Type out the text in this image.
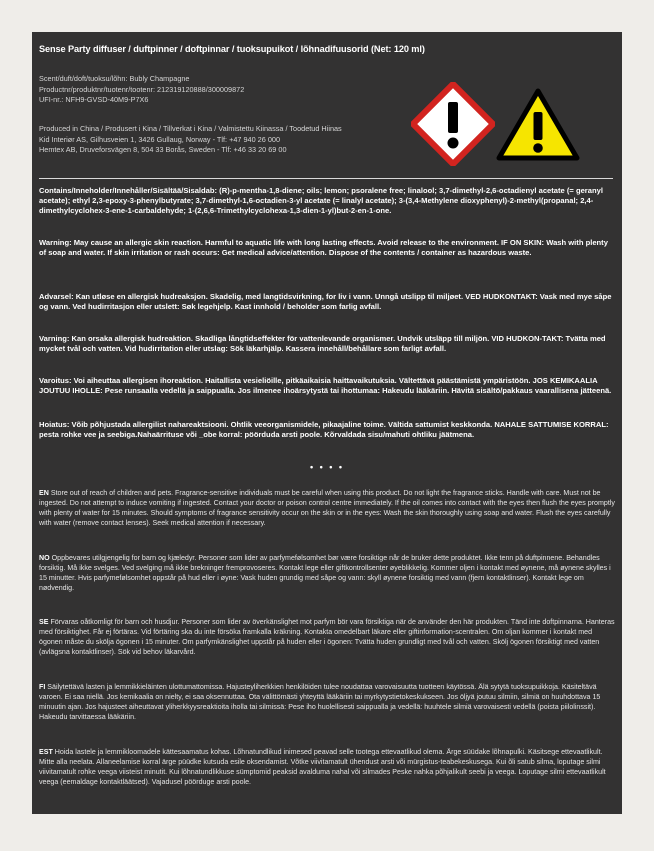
Sense Party diffuser / duftpinner / doftpinnar / tuoksupuikot / lõhnadifuusorid (Net: 120 ml)
Scent/duft/doft/tuoksu/lõhn: Bubly Champagne
Productnr/produktnr/tuotenr/tootenr: 212319120888/300009872
UFI-nr.: NFH9-GVSD-40M9-P7X6
Produced in China / Produsert i Kina / Tillverkat i Kina / Valmistettu Kiinassa / Toodetud Hiinas
Kid Interiør AS, Gilhusveien 1, 3426 Gullaug, Norway - Tlf: +47 940 26 000
Hemtex AB, Druveforsvägen 8, 504 33 Borås, Sweden - Tlf: +46 33 20 69 00

Contains/Inneholder/Innehåller/Sisältää/Sisaldab: (R)-p-mentha-1,8-diene; oils; lemon; psoralene free; linalool; 3,7-dimethyl-2,6-octadienyl acetate (= geranyl acetate); ethyl 2,3-epoxy-3-phenylbutyrate; 3,7-dimethyl-1,6-octadien-3-yl acetate (= linalyl acetate); 3-(3,4-Methylene dioxyphenyl)-2-methyl(propanal; 2,4-dimethylcyclohex-3-ene-1-carbaldehyde; 1-(2,6,6-Trimethylcyclohexa-1,3-dien-1-yl)but-2-en-1-one.

Warning: May cause an allergic skin reaction. Harmful to aquatic life with long lasting effects. Avoid release to the environment. IF ON SKIN: Wash with plenty of soap and water. If skin irritation or rash occurs: Get medical advice/attention. Dispose of the contents / container as hazardous waste.

Advarsel: Kan utløse en allergisk hudreaksjon. Skadelig, med langtidsvirkning, for liv i vann. Unngå utslipp til miljøet. VED HUDKONTAKT: Vask med mye såpe og vann. Ved hudirritasjon eller utslett: Søk legehjelp. Kast innhold / beholder som farlig avfall.

Varning: Kan orsaka allergisk hudreaktion. Skadliga långtidseffekter för vattenlevande organismer. Undvik utsläpp till miljön. VID HUDKON-TAKT: Tvätta med mycket tvål och vatten. Vid hudirritation eller utslag: Sök läkarhjälp. Kassera innehåll/behållare som farligt avfall.

Varoitus: Voi aiheuttaa allergisen ihoreaktion. Haitallista vesieliöille, pitkäaikaisia haittavaikutuksia. Vältettävä päästämistä ympäristöön. JOS KEMIKAALIA JOUTUU IHOLLE: Pese runsaalla vedellä ja saippualla. Jos ilmenee ihoärsytystä tai ihottumaa: Hakeudu lääkäriin. Hävitä sisältö/pakkaus vaarallisena jätteenä.

Hoiatus: Võib põhjustada allergilist nahareaktsiooni. Ohtlik veeorganismidele, pikaajaline toime. Vältida sattumist keskkonda. NAHALE SATTUMISE KORRAL: pesta rohke vee ja seebiga.Nahaärrituse või _obe korral: pöörduda arsti poole. Kõrvaldada sisu/mahuti ohtliku jäätmena.

• • • •

EN Store out of reach of children and pets. Fragrance-sensitive individuals must be careful when using this product. Do not light the fragrance sticks. Handle with care. Must not be ingested. Do not attempt to induce vomiting if ingested. Contact your doctor or poison control centre immediately. If the oil comes into contact with the eyes then flush the eyes promptly with plenty of water for 15 minutes. Should symptoms of fragrance sensitivity occur on the skin or in the eyes: Wash the skin thoroughly using soap and water. Flush the eyes carefully with water (remove contact lenses). Seek medical attention if necessary.

NO Oppbevares utilgjengelig for barn og kjæledyr. Personer som lider av parfymefølsomhet bør være forsiktige når de bruker dette produktet. Ikke tenn på duftpinnene. Behandles forsiktig. Må ikke svelges. Ved svelging må ikke brekninger fremprovoseres. Kontakt lege eller giftkontrollsenter øyeblikkelig. Kommer oljen i kontakt med øynene, må øynene skylles i 15 minutter. Hvis parfymefølsomhet oppstår på hud eller i øyne: Vask huden grundig med såpe og vann: skyll øynene forsiktig med vann (fjern kontaktlinser). Kontakt lege om nødvendig.

SE Förvaras oåtkomligt för barn och husdjur. Personer som lider av överkänslighet mot parfym bör vara försiktiga när de använder den här produkten. Tänd inte doftpinnarna. Hanteras med försiktighet. Får ej förtäras. Vid förtäring ska du inte försöka framkalla kräkning. Kontakta omedelbart läkare eller giftinformation-scentralen. Om oljan kommer i kontakt med ögonen måste du skölja ögonen i 15 minuter. Om parfymkänslighet uppstår på huden eller i ögonen: Tvätta huden grundligt med tvål och vatten. Skölj ögonen försiktigt med vatten (avlägsna kontaktlinser). Sök vid behov läkarvård.

FI Säilytettävä lasten ja lemmikkieläinten ulottumattomissa. Hajusteyliherkkien henkilöiden tulee noudattaa varovaisuutta tuotteen käytössä. Älä sytytä tuoksupuikkoja. Käsiteltävä varoen. Ei saa niellä. Jos kemikaalia on nielty, ei saa oksennuttaa. Ota välittömästi yhteyttä lääkäriin tai myrkytystietokeskukseen. Jos öljyä joutuu silmiin, silmiä on huuhdottava 15 minuutin ajan. Jos hajusteet aiheuttavat yliherkkyysreaktioita iholla tai silmissä: Pese iho huolellisesti saippualla ja vedellä: huuhtele silmiä varovaisesti vedellä (poista piilolinssit). Hakeudu tarvittaessa lääkäriin.

EST Hoida lastele ja lemmikloomadele kättesaamatus kohas. Lõhnatundlikud inimesed peavad selle tootega ettevaatlikud olema. Ärge süüdake lõhnapulki. Käsitsege ettevaatlikult. Mitte alla neelata. Allaneelamise korral ärge püüdke kutsuda esile oksendamist. Võtke viivitamatult ühendust arsti või mürgistus-teabekeskusega. Kui õli satub silma, loputage silmi viivitamatult rohke veega viisteist minutit. Kui lõhnatundlikkuse sümptomid peaksid avalduma nahal või silmades Peske nahka põhjalikult seebi ja veega. Loputage silmi ettevaatlikult veega (eemaldage kontaktläätsed). Vajadusel pöörduge arsti poole.
